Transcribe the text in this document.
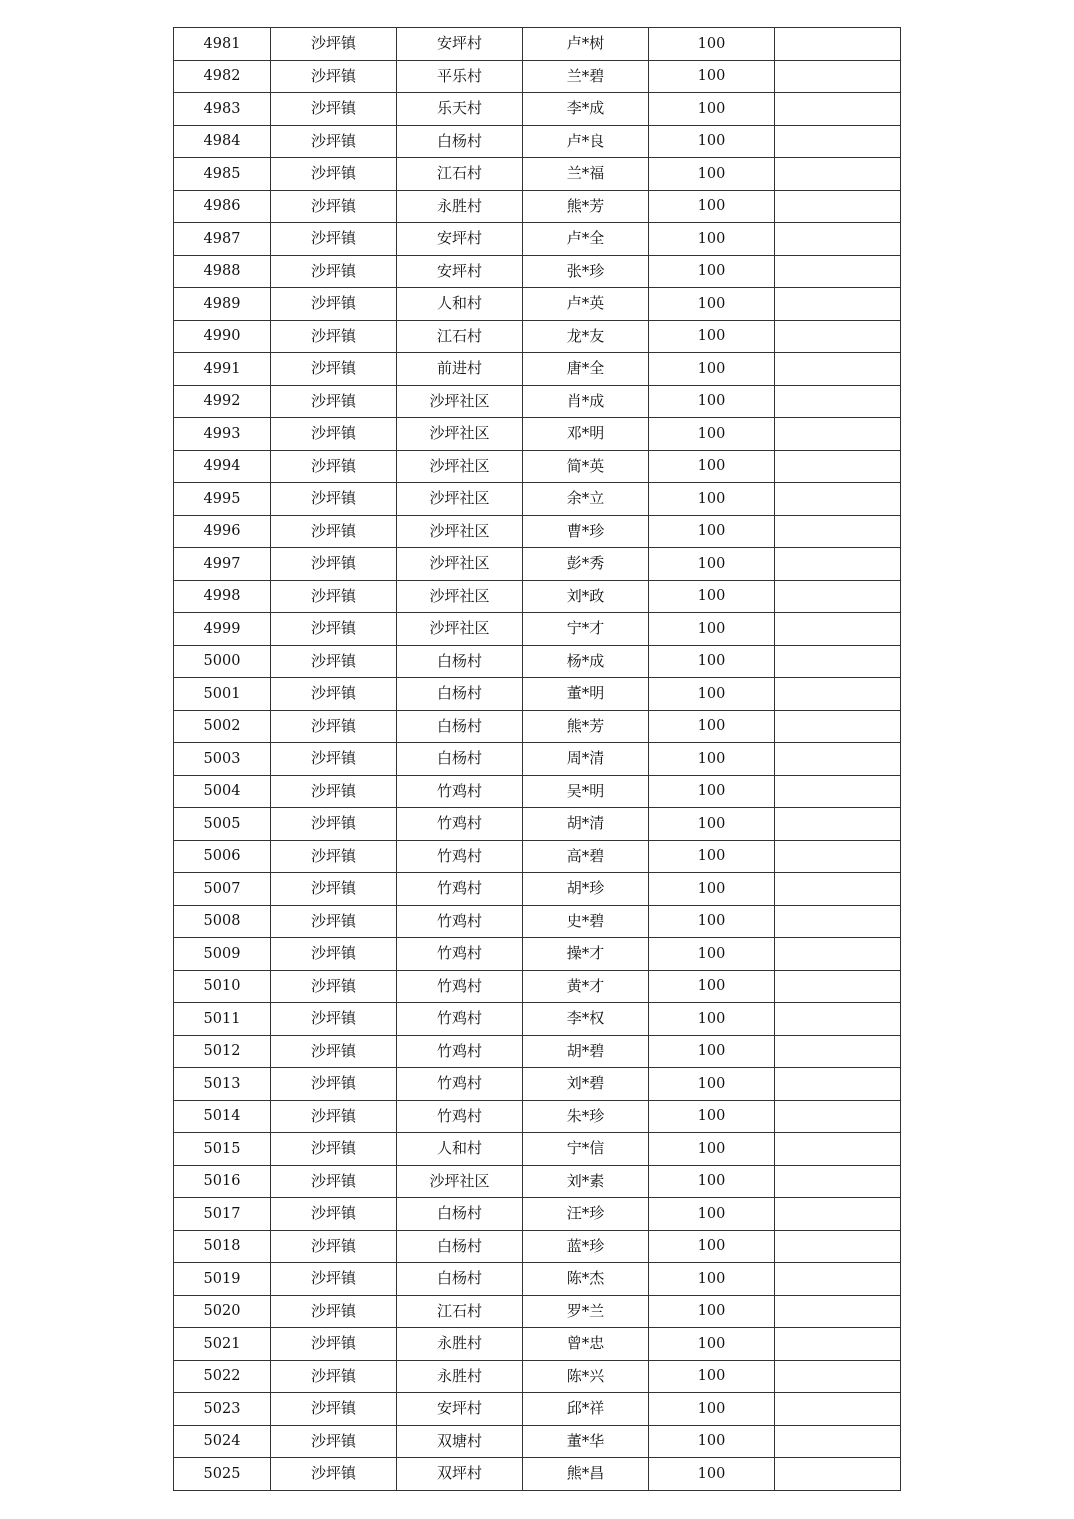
4981	沙坪镇	安坪村	卢*树	100	
4982	沙坪镇	平乐村	兰*碧	100	
4983	沙坪镇	乐天村	李*成	100	
4984	沙坪镇	白杨村	卢*良	100	
4985	沙坪镇	江石村	兰*福	100	
4986	沙坪镇	永胜村	熊*芳	100	
4987	沙坪镇	安坪村	卢*全	100	
4988	沙坪镇	安坪村	张*珍	100	
4989	沙坪镇	人和村	卢*英	100	
4990	沙坪镇	江石村	龙*友	100	
4991	沙坪镇	前进村	唐*全	100	
4992	沙坪镇	沙坪社区	肖*成	100	
4993	沙坪镇	沙坪社区	邓*明	100	
4994	沙坪镇	沙坪社区	简*英	100	
4995	沙坪镇	沙坪社区	余*立	100	
4996	沙坪镇	沙坪社区	曹*珍	100	
4997	沙坪镇	沙坪社区	彭*秀	100	
4998	沙坪镇	沙坪社区	刘*政	100	
4999	沙坪镇	沙坪社区	宁*才	100	
5000	沙坪镇	白杨村	杨*成	100	
5001	沙坪镇	白杨村	董*明	100	
5002	沙坪镇	白杨村	熊*芳	100	
5003	沙坪镇	白杨村	周*清	100	
5004	沙坪镇	竹鸡村	吴*明	100	
5005	沙坪镇	竹鸡村	胡*清	100	
5006	沙坪镇	竹鸡村	高*碧	100	
5007	沙坪镇	竹鸡村	胡*珍	100	
5008	沙坪镇	竹鸡村	史*碧	100	
5009	沙坪镇	竹鸡村	操*才	100	
5010	沙坪镇	竹鸡村	黄*才	100	
5011	沙坪镇	竹鸡村	李*权	100	
5012	沙坪镇	竹鸡村	胡*碧	100	
5013	沙坪镇	竹鸡村	刘*碧	100	
5014	沙坪镇	竹鸡村	朱*珍	100	
5015	沙坪镇	人和村	宁*信	100	
5016	沙坪镇	沙坪社区	刘*素	100	
5017	沙坪镇	白杨村	汪*珍	100	
5018	沙坪镇	白杨村	蓝*珍	100	
5019	沙坪镇	白杨村	陈*杰	100	
5020	沙坪镇	江石村	罗*兰	100	
5021	沙坪镇	永胜村	曾*忠	100	
5022	沙坪镇	永胜村	陈*兴	100	
5023	沙坪镇	安坪村	邱*祥	100	
5024	沙坪镇	双塘村	董*华	100	
5025	沙坪镇	双坪村	熊*昌	100	
